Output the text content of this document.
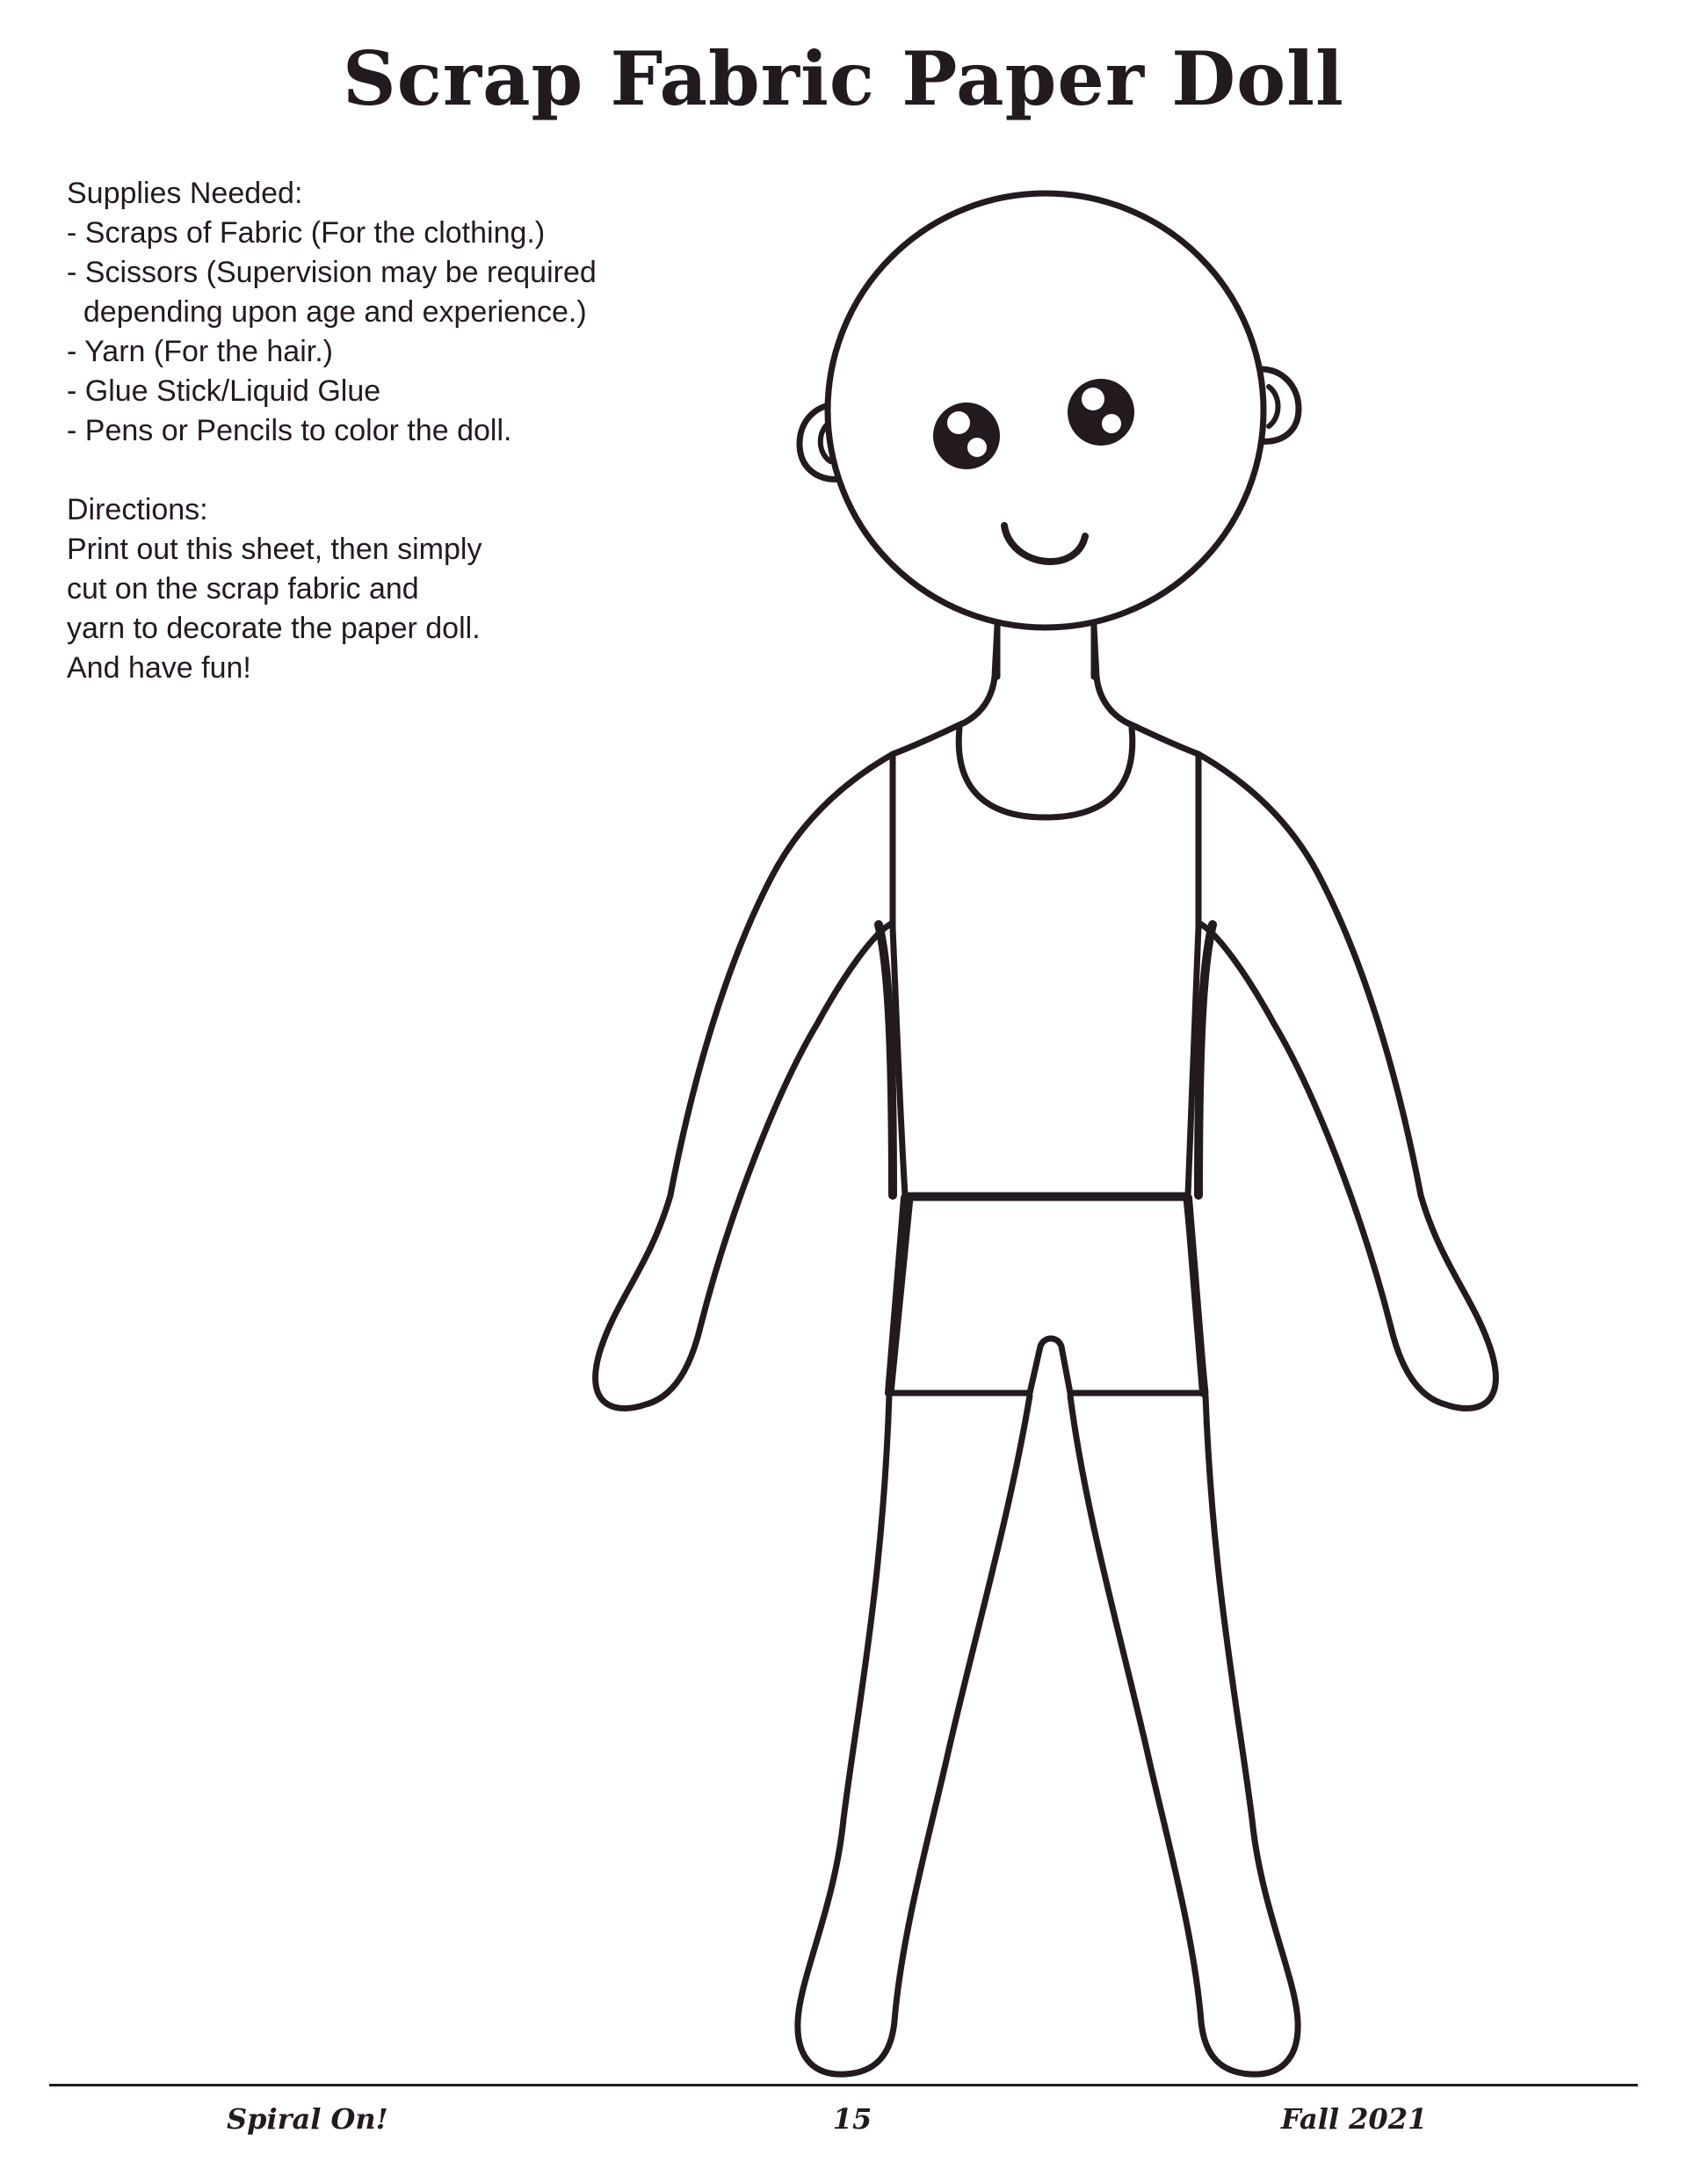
Scrap Fabric Paper Doll
Supplies Needed:
- Scraps of Fabric (For the clothing.)
- Scissors (Supervision may be required
depending upon age and experience.)
- Yarn (For the hair.)
- Glue Stick/Liquid Glue
- Pens or Pencils to color the doll.
Directions:
Print out this sheet, then simply
cut on the scrap fabric and
yarn to decorate the paper doll.
And have fun!
Spiral On!	15	Fall 2021
